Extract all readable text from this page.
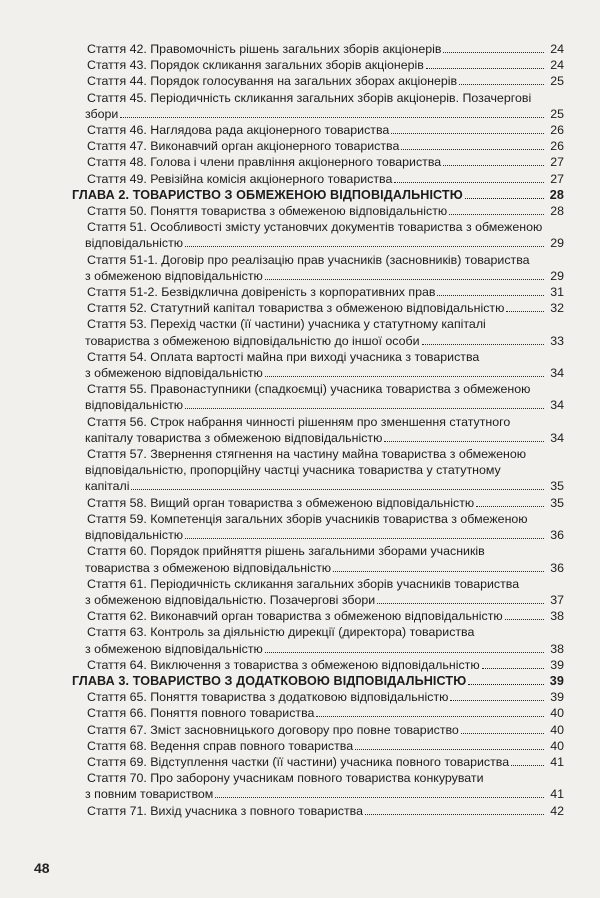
Стаття 42. Правомочність рішень загальних зборів акціонерів	24
Стаття 43. Порядок скликання загальних зборів акціонерів	24
Стаття 44. Порядок голосування на загальних зборах акціонерів	25
Стаття 45. Періодичність скликання загальних зборів акціонерів. Позачергові
збори	25
Стаття 46. Наглядова рада акціонерного товариства	26
Стаття 47. Виконавчий орган акціонерного товариства	26
Стаття 48. Голова і члени правління акціонерного товариства	27
Стаття 49. Ревізійна комісія акціонерного товариства	27
ГЛАВА 2. ТОВАРИСТВО З ОБМЕЖЕНОЮ ВІДПОВІДАЛЬНІСТЮ	28
Стаття 50. Поняття товариства з обмеженою відповідальністю	28
Стаття 51. Особливості змісту установчих документів товариства з обмеженою
відповідальністю	29
Стаття 51-1. Договір про реалізацію прав учасників (засновників) товариства
з обмеженою відповідальністю	29
Стаття 51-2. Безвідклична довіреність з корпоративних прав	31
Стаття 52. Статутний капітал товариства з обмеженою відповідальністю	32
Стаття 53. Перехід частки (її частини) учасника у статутному капіталі
товариства з обмеженою відповідальністю до іншої особи	33
Стаття 54. Оплата вартості майна при виході учасника з товариства
з обмеженою відповідальністю	34
Стаття 55. Правонаступники (спадкоємці) учасника товариства з обмеженою
відповідальністю	34
Стаття 56. Строк набрання чинності рішенням про зменшення статутного
капіталу товариства з обмеженою відповідальністю	34
Стаття 57. Звернення стягнення на частину майна товариства з обмеженою
відповідальністю, пропорційну частці учасника товариства у статутному
капіталі	35
Стаття 58. Вищий орган товариства з обмеженою відповідальністю	35
Стаття 59. Компетенція загальних зборів учасників товариства з обмеженою
відповідальністю	36
Стаття 60. Порядок прийняття рішень загальними зборами учасників
товариства з обмеженою відповідальністю	36
Стаття 61. Періодичність скликання загальних зборів учасників товариства
з обмеженою відповідальністю. Позачергові збори	37
Стаття 62. Виконавчий орган товариства з обмеженою відповідальністю	38
Стаття 63. Контроль за діяльністю дирекції (директора) товариства
з обмеженою відповідальністю	38
Стаття 64. Виключення з товариства з обмеженою відповідальністю	39
ГЛАВА 3. ТОВАРИСТВО З ДОДАТКОВОЮ ВІДПОВІДАЛЬНІСТЮ	39
Стаття 65. Поняття товариства з додатковою відповідальністю	39
Стаття 66. Поняття повного товариства	40
Стаття 67. Зміст засновницького договору про повне товариство	40
Стаття 68. Ведення справ повного товариства	40
Стаття 69. Відступлення частки (її частини) учасника повного товариства	41
Стаття 70. Про заборону учасникам повного товариства конкурувати
з повним товариством	41
Стаття 71. Вихід учасника з повного товариства	42
48
